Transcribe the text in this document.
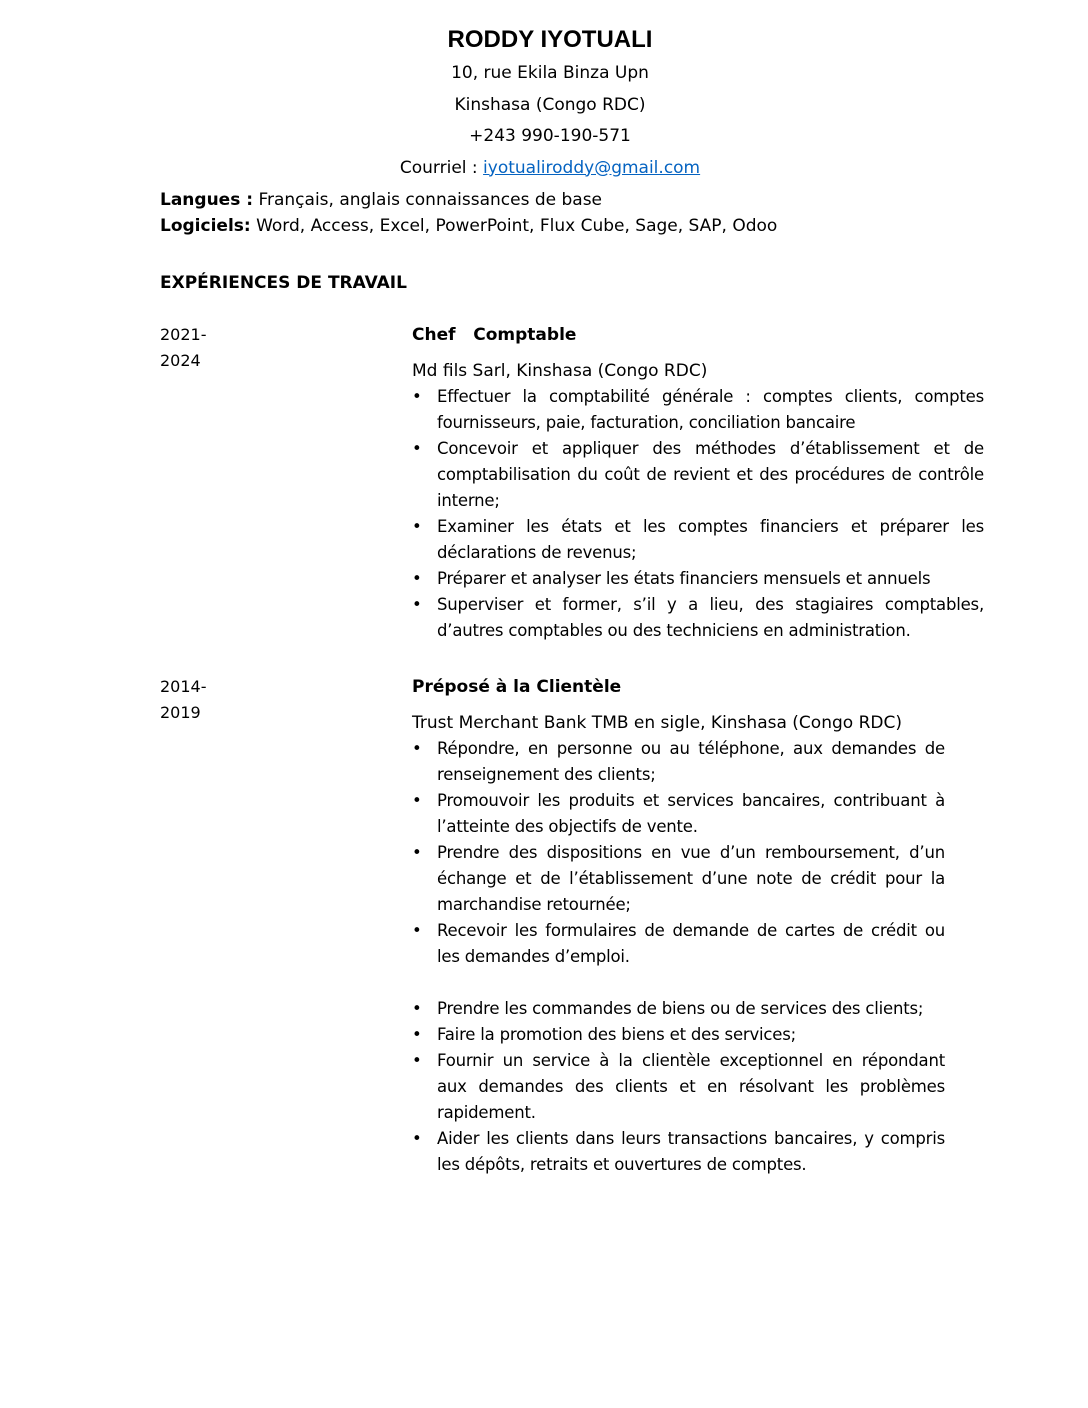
RODDY IYOTUALI
10, rue Ekila Binza Upn
Kinshasa (Congo RDC)
+243 990-190-571
Courriel : iyotualiroddy@gmail.com
Langues : Français, anglais connaissances de base
Logiciels: Word, Access, Excel, PowerPoint, Flux Cube, Sage, SAP, Odoo
EXPÉRIENCES DE TRAVAIL
2021- 2024
Chef   Comptable
Md fils Sarl, Kinshasa (Congo RDC)
• Effectuer la comptabilité générale : comptes clients, comptes fournisseurs, paie, facturation, conciliation bancaire
• Concevoir et appliquer des méthodes d’établissement et de comptabilisation du coût de revient et des procédures de contrôle interne;
• Examiner les états et les comptes financiers et préparer les déclarations de revenus;
• Préparer et analyser les états financiers mensuels et annuels
• Superviser et former, s’il y a lieu, des stagiaires comptables, d’autres comptables ou des techniciens en administration.
2014-2019
Préposé à la Clientèle
Trust Merchant Bank TMB en sigle, Kinshasa (Congo RDC)
• Répondre, en personne ou au téléphone, aux demandes de renseignement des clients;
• Promouvoir les produits et services bancaires, contribuant à l’atteinte des objectifs de vente.
• Prendre des dispositions en vue d’un remboursement, d’un échange et de l’établissement d’une note de crédit pour la marchandise retournée;
• Recevoir les formulaires de demande de cartes de crédit ou les demandes d’emploi.
• Prendre les commandes de biens ou de services des clients;
• Faire la promotion des biens et des services;
• Fournir un service à la clientèle exceptionnel en répondant aux demandes des clients et en résolvant les problèmes rapidement.
• Aider les clients dans leurs transactions bancaires, y compris les dépôts, retraits et ouvertures de comptes.
